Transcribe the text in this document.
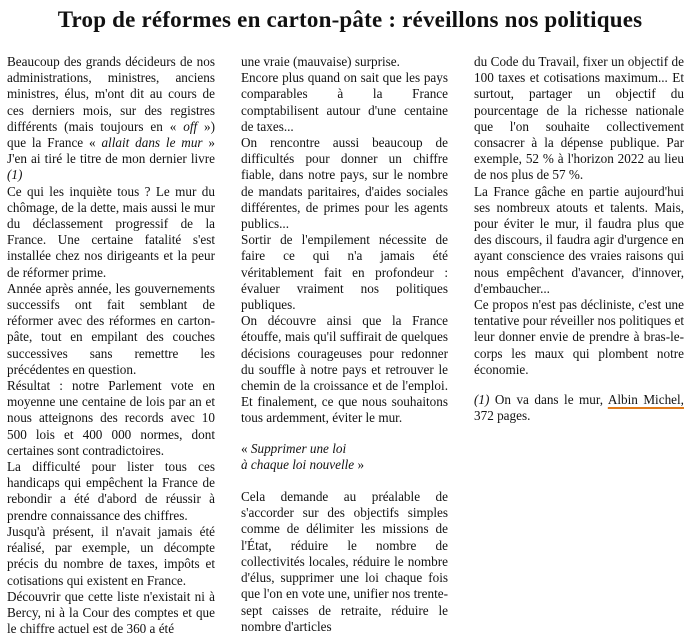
Trop de réformes en carton-pâte : réveillons nos politiques

Beaucoup des grands décideurs de nos administrations, ministres, anciens ministres, élus, m'ont dit au cours de ces derniers mois, sur des registres différents (mais toujours en « off ») que la France « allait dans le mur » J'en ai tiré le titre de mon dernier livre (1)

Ce qui les inquiète tous ? Le mur du chômage, de la dette, mais aussi le mur du déclassement progressif de la France. Une certaine fatalité s'est installée chez nos dirigeants et la peur de réformer prime.

Année après année, les gouvernements successifs ont fait semblant de réformer avec des réformes en carton-pâte, tout en empilant des couches successives sans remettre les précédentes en question.

Résultat : notre Parlement vote en moyenne une centaine de lois par an et nous atteignons des records avec 10 500 lois et 400 000 normes, dont certaines sont contradictoires.

La difficulté pour lister tous ces handicaps qui empêchent la France de rebondir a été d'abord de réussir à prendre connaissance des chiffres.

Jusqu'à présent, il n'avait jamais été réalisé, par exemple, un décompte précis du nombre de taxes, impôts et cotisations qui existent en France.

Découvrir que cette liste n'existait ni à Bercy, ni à la Cour des comptes et que le chiffre actuel est de 360 a été

une vraie (mauvaise) surprise.

Encore plus quand on sait que les pays comparables à la France comptabilisent autour d'une centaine de taxes...

On rencontre aussi beaucoup de difficultés pour donner un chiffre fiable, dans notre pays, sur le nombre de mandats paritaires, d'aides sociales différentes, de primes pour les agents publics...

Sortir de l'empilement nécessite de faire ce qui n'a jamais été véritablement fait en profondeur : évaluer vraiment nos politiques publiques.

On découvre ainsi que la France étouffe, mais qu'il suffirait de quelques décisions courageuses pour redonner du souffle à notre pays et retrouver le chemin de la croissance et de l'emploi. Et finalement, ce que nous souhaitons tous ardemment, éviter le mur.

« Supprimer une loi
à chaque loi nouvelle »

Cela demande au préalable de s'accorder sur des objectifs simples comme de délimiter les missions de l'État, réduire le nombre de collectivités locales, réduire le nombre d'élus, supprimer une loi chaque fois que l'on en vote une, unifier nos trente-sept caisses de retraite, réduire le nombre d'articles

du Code du Travail, fixer un objectif de 100 taxes et cotisations maximum... Et surtout, partager un objectif du pourcentage de la richesse nationale que l'on souhaite collectivement consacrer à la dépense publique. Par exemple, 52 % à l'horizon 2022 au lieu de nos plus de 57 %.

La France gâche en partie aujourd'hui ses nombreux atouts et talents. Mais, pour éviter le mur, il faudra plus que des discours, il faudra agir d'urgence en ayant conscience des vraies raisons qui nous empêchent d'avancer, d'innover, d'embaucher...

Ce propos n'est pas décliniste, c'est une tentative pour réveiller nos politiques et leur donner envie de prendre à bras-le-corps les maux qui plombent notre économie.

(1) On va dans le mur, Albin Michel, 372 pages.
